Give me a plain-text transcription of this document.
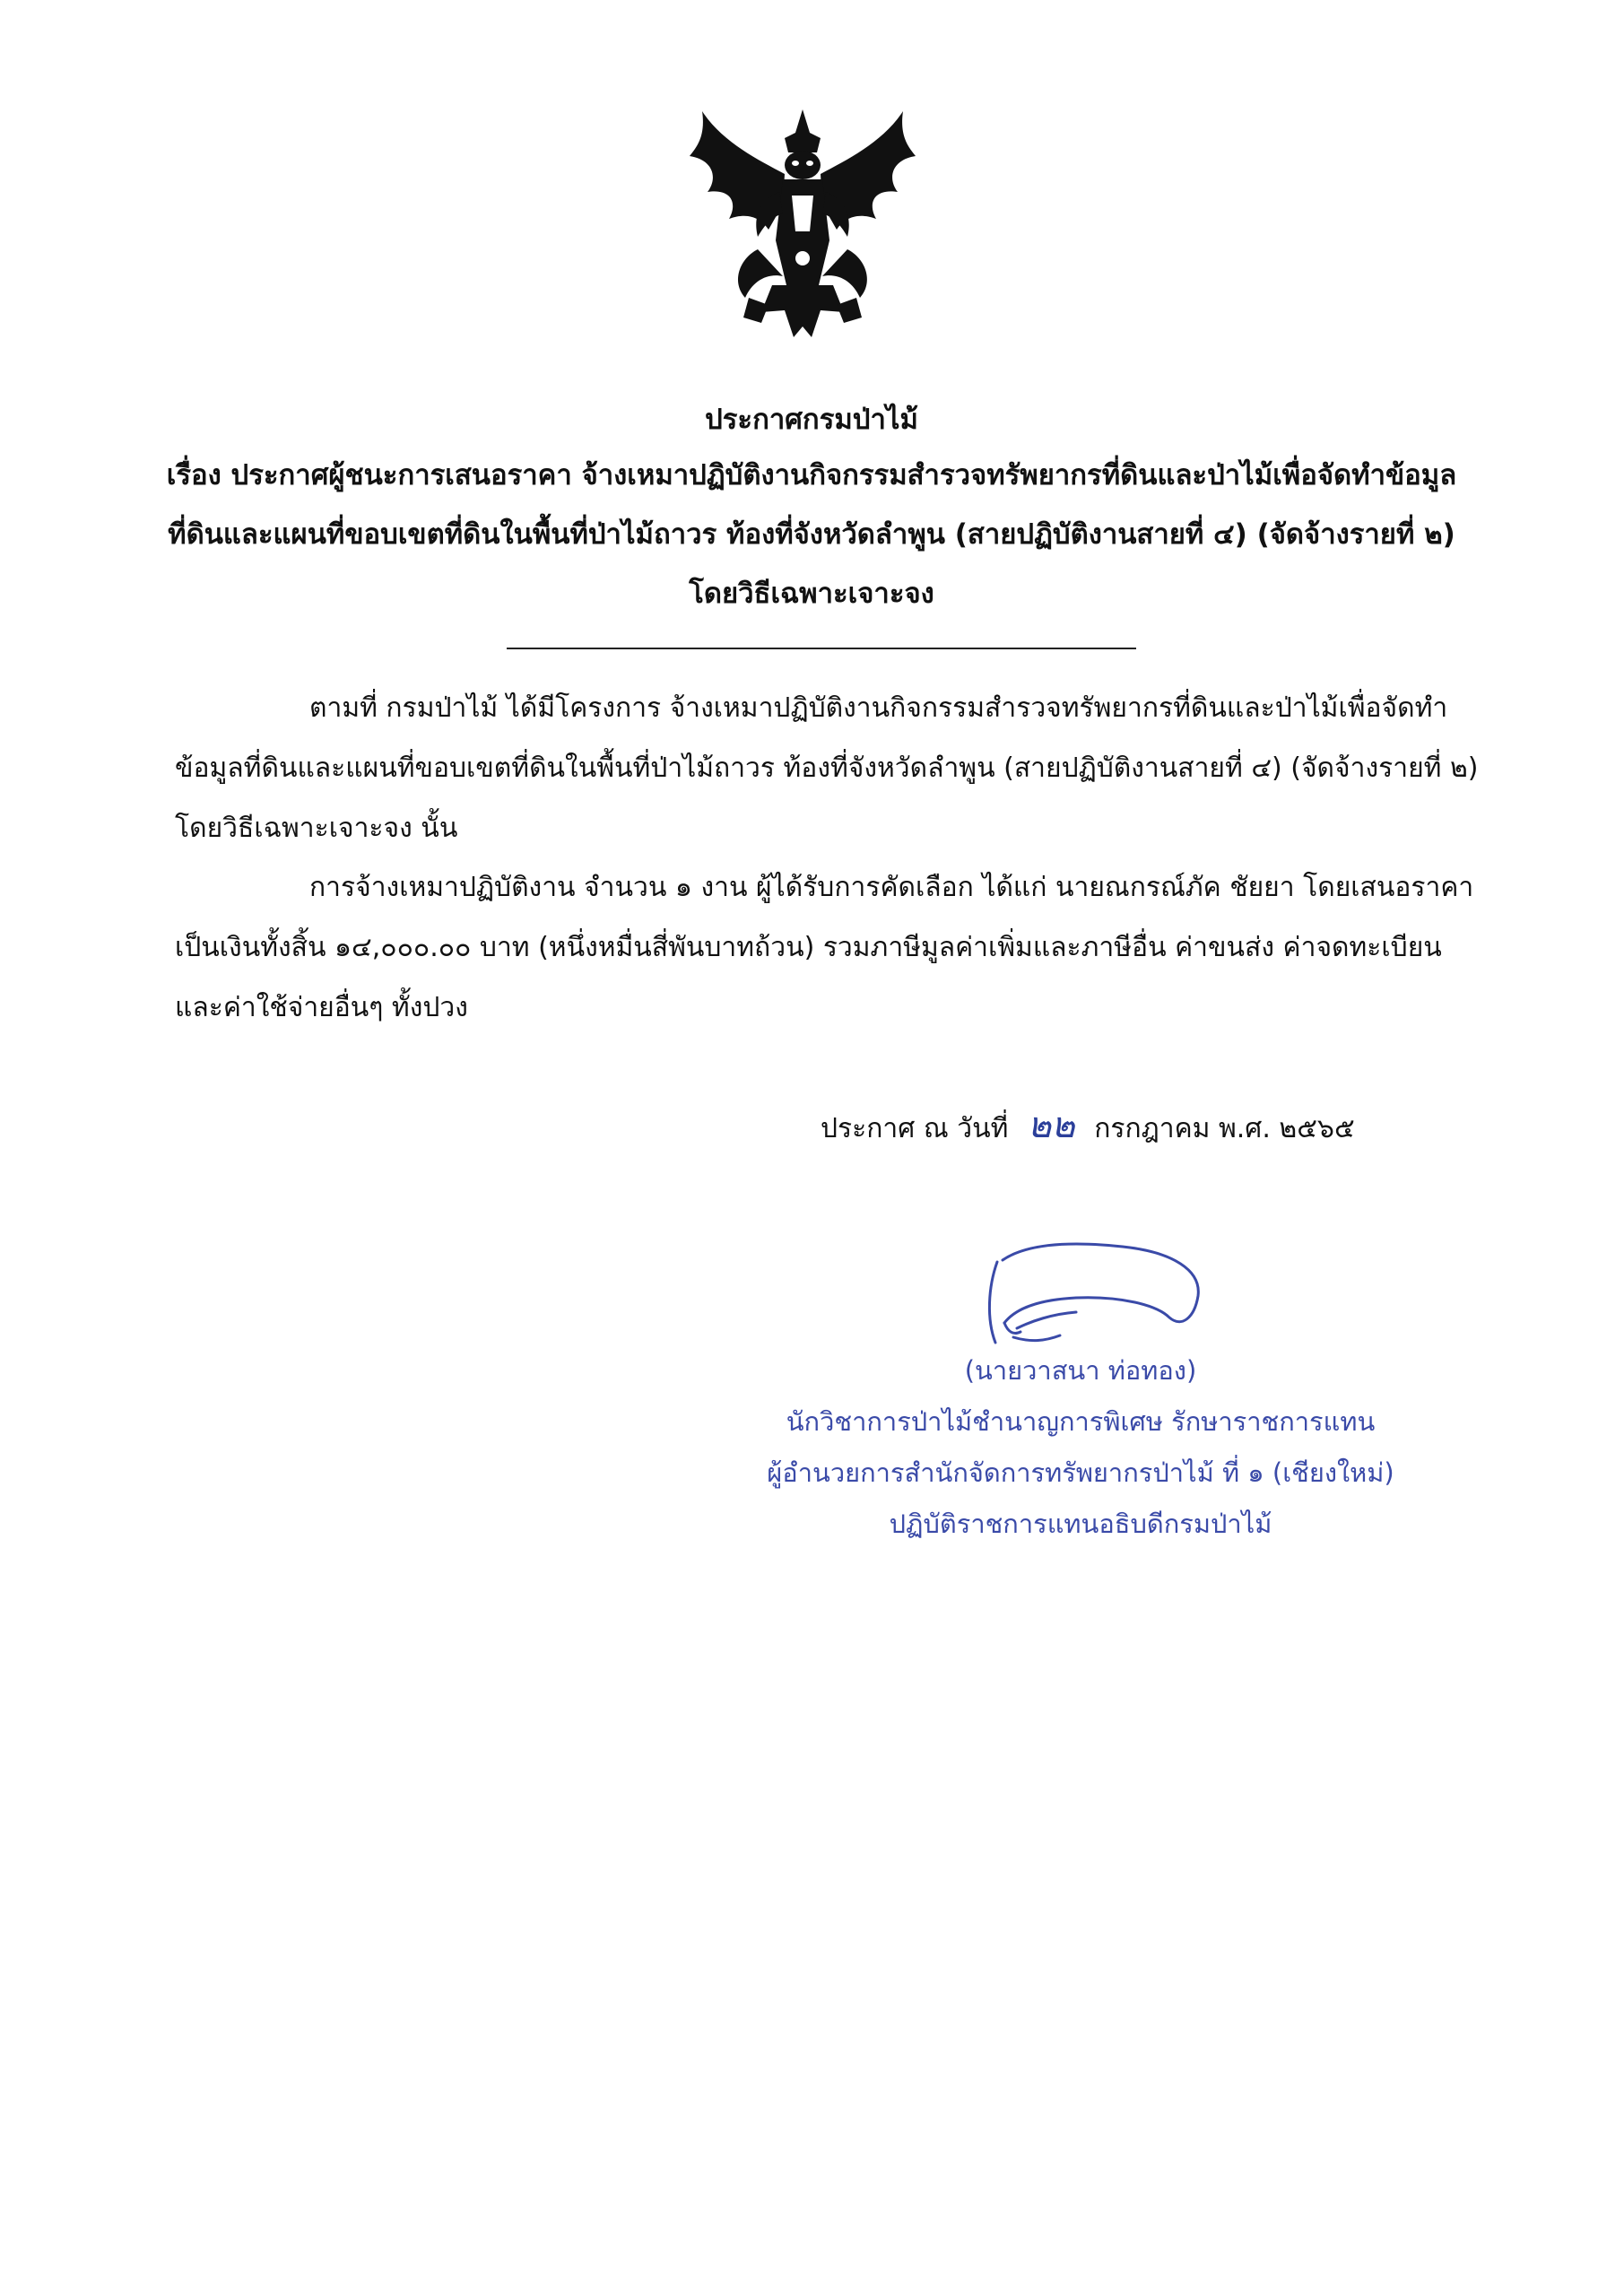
ประกาศกรมป่าไม้
เรื่อง ประกาศผู้ชนะการเสนอราคา จ้างเหมาปฏิบัติงานกิจกรรมสำรวจทรัพยากรที่ดินและป่าไม้เพื่อจัดทำข้อมูล
ที่ดินและแผนที่ขอบเขตที่ดินในพื้นที่ป่าไม้ถาวร ท้องที่จังหวัดลำพูน (สายปฏิบัติงานสายที่ ๔) (จัดจ้างรายที่ ๒)
โดยวิธีเฉพาะเจาะจง
ตามที่ กรมป่าไม้ ได้มีโครงการ จ้างเหมาปฏิบัติงานกิจกรรมสำรวจทรัพยากรที่ดินและป่าไม้เพื่อจัดทำ
ข้อมูลที่ดินและแผนที่ขอบเขตที่ดินในพื้นที่ป่าไม้ถาวร ท้องที่จังหวัดลำพูน (สายปฏิบัติงานสายที่ ๔) (จัดจ้างรายที่ ๒)
โดยวิธีเฉพาะเจาะจง นั้น
การจ้างเหมาปฏิบัติงาน จำนวน ๑ งาน ผู้ได้รับการคัดเลือก ได้แก่ นายณกรณ์ภัค ชัยยา โดยเสนอราคา
เป็นเงินทั้งสิ้น ๑๔,๐๐๐.๐๐ บาท (หนึ่งหมื่นสี่พันบาทถ้วน) รวมภาษีมูลค่าเพิ่มและภาษีอื่น ค่าขนส่ง ค่าจดทะเบียน
และค่าใช้จ่ายอื่นๆ ทั้งปวง
ประกาศ ณ วันที่ ๒๒ กรกฎาคม พ.ศ. ๒๕๖๕
(นายวาสนา ท่อทอง)
นักวิชาการป่าไม้ชำนาญการพิเศษ รักษาราชการแทน
ผู้อำนวยการสำนักจัดการทรัพยากรป่าไม้ ที่ ๑ (เชียงใหม่)
ปฏิบัติราชการแทนอธิบดีกรมป่าไม้
